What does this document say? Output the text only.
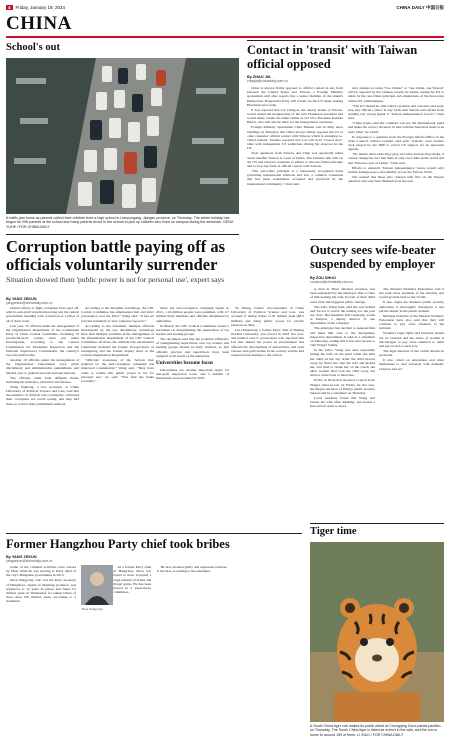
4 Friday, January 19, 2024	CHINA DAILY 中国日报
CHINA
School's out
A traffic jam forms as parents collect their children from a high school in Lianyungang, Jiangsu province, on Thursday. The winter holiday has begun for 296 parents at the school and many parents drove to the school to pick up children who lined on campus during the semester. GENG YUHE / FOR CHINA DAILY
Contact in 'transit' with Taiwan official opposed
By ZHAO JIA
zhaojia@chinadaily.com.cn

China is always firmly opposed to official contact in any form between the United States and Taiwan, a Foreign Ministry spokesman said after reports that a senior member of the island's Democratic Progressive Party will transit via the US when visiting Honduras next week.

It was reported that Lai Ching-te, the deputy leader of Taiwan, would attend the inauguration of the new Honduran president and would likely transit the same airline as US Vice President Kamala Harris, who will also be there for the inauguration ceremony.

Foreign Ministry spokesman Chen Hansen said in daily news briefings on Thursday that China always firmly opposes the US or other countries' official contact with Taiwan, which is arranging so-called transits. Sanders reported that Lai will hold "closed door" talks with independent US politicians during his stopover in the US.

Treat questions from Taiwan, and Chen was repeatedly asked about whether Taiwan is a part of China. The Chinese side calls on the US and relevant countries to adhere to the one-China principle and to stop any form of official contact with Taiwan.

"The one-China principle is a universally recognized norm governing international relations and also a common consensus that has been established, accepted and practiced by the international community," Chen said.

Any attempt to create "two Chinas" or "one China, one Taiwan" will be opposed by the Chinese people, he added, urging the US to abide by the one-China principle and stipulations of the three joint China-US communiques.

"The US should be with China's position and concerns seriously, stop any official contact in any form with Taiwan and refrain from sending any wrong signal to 'Taiwan independence' forces," Chen said.

"China hopes relevant countries can see the international trend and make the correct decision, in line with the historical trend at an early time," he added.

In response to a question from the Foreign Affairs Office of the State Council, China's Cabinet, said such "transits" were another trick played by the DPP to solicit US support for its separatist agenda.

"No matter what tricks they play and what excuses they make, it cannot change the fact that there is only one China in the world and that Taiwan is part of China," Chen said.

Efforts to entrench 'Taiwan independence' forces would only further damage peace and stability across the Taiwan Strait.

She warned that those who "played with fire" on the Taiwan question will only burn themselves in the end.

Corruption battle paying off as officials voluntarily surrender
Situation showed them 'public power is not for personal use', expert says
By YANG ZEKUN
yangzekun@chinadaily.com.cn

China's efforts to fight corruption have paid off, with its anti-graft system improving and the central government standing with corruption as a pillar of all of their work.

Last year, 55 officials under the management of the Organization Department of the Communist Party of China Central Committee, including 15 provincial-level cadres, were put under investigation, according to the Central Commission for Discipline Inspection and the National Supervisory Commission, the country's top anti-graft bodies.

Another 19 officials under the management of the Organization Department were given disciplinary and administrative punishments and handed over to judicial and sub-national bureaus.

The officials came from different fields, including the judiciary, education and finance.

Wang Yuehong, a law professor at China University of Political Science and Law, said that the numbers of officials who voluntarily confessed their corruption are worth noting, and they had done so to have their punishment reduced.

According to the discipline watchdogs, the CPC Central Committee has emphasized full and strict governance over the Party" Wang said. "It has set forward standards as 'zero tolerance' upon us."

According to the statement, multiple officials investigated by the two disciplinary watchdogs have held multiple positions in the management of the Organization Department of the CPC Central Committee. Of those, the officials who surrendered voluntarily included the former vice-governor of Guangdong and the former deputy head of the Central Organization Department.

"Officials' awareness of the 'bottom line' required by the anti-corruption campaign has improved considerably," Wang said. "They have come to realize that public power is not for personal use," he said. "You find the brake economy."

Since the anti-corruption campaign began in 2012, 1.24 million people were punished, with 2.7 million Party members and officials disciplined by authorities.

In March, the CPC Central Committee issued a document on strengthening the supervision of top leaders and leading groups.

The document said that the potential efficiency of strengthening supervision over top leaders and leading groups should be fully realized, so that officials practice and supervisors have been assigned at all levels of the enterprise.

Universities become focus

Universities are another important target for anti-graft inspection work, and a number of institutions were included in 2023.

Ye Sheng, former vice-president of China University of Political Science and Law, was accused of taking bribes of 61 million yuan ($8.5 million) and using public power for private purposes in May.

Liu Chuandong, a former Party chief of Beijing Normal University, was placed in 2023 last year, and handed over to prosecutors who reported that Liu had abused his power in procurement and affected the development of universities, and even various anti-graft bodies in the country said he had caused severe damage to the school.

Outcry sees wife-beater suspended by employer
By ZOU SHUO
zoushuo@chinadaily.com.cn

A man in Tibet, Shaanxi province, has been suspended by his employer after a video of him beating his wife in front of their child went viral and triggered public outrage.

The wife, Wang Juan, said she was bullied and forced to watch the beating for the past two days. Her husband, Wei Guoliang, works at Pengxu, a deputy director of one department of the company.

The employer has decided to suspend him and hand him over to the disciplinary inspection department. It said in a statement on Thursday, adding that it has sent people to visit Wang's family.

In the video, Wang was seen repeatedly hitting his wife on the head while she held her child on her lap. After the child moved away, he threw her onto the sofa and kicked her, and tried to choke her on the couch. An elder woman later took the child away, but did not come back to intervene.

Police in Xi'an had received a report from Wang's sister-in-law on Friday for the case, the Baqiao division of Wang's public security bureau said in a statement on Thursday.

Local residents found that Wang had beaten his wife after drinking, and issued a fine and an order to leave.

The Shaanxi Women's Federation said it has paid close attention to the incident and would provide help to the victim.

It also urged the Shaanxi public security authorities to thoroughly investigate it and put the matter in the public domain.

Multiple branches of the Shaanxi Women's Federation have also said that they will continue to pay close attention to the incident.

Women's legal rights and interests should not be violated and the abuse of women is discouraged to pay close attention to them and put an end to such acts.

The legal interests of the victim should be protected.

It also called on enterprises and other institutions to deal seriously with domestic violence and act.

Former Hangzhou Party chief took bribes
By YANG ZEKUN
yangzekun@chinadaily.com.cn

Some of the criminal activities were started by Zhou while he was serving as Party chief of the city's Hangzhou government in 2013.

Zhou Jiangyong, who was the Party secretary of Hangzhou, capital of Zhejiang province, was sentenced to 12 years in prison and fined 3.5 million yuan on Wednesday for taking bribes of more than 190 million yuan, according to a statement.

As a former Party chief of Hangzhou, Zhou was found to have accepted a large amount of bribes and illegal gains. He has been placed in a supervisory committee.

Zhou Jiangyong

He also pleaded guilty and expressed remorse at his trial, according to the statement.

Tiger time
A South China tiger cub makes its public debut at Chongqing Zoo's panda pavilion on Thursday. The South China tiger is listed as extinct in the wild, and the zoo is home to around 150 of them. LI XIAO / FOR CHINA DAILY
